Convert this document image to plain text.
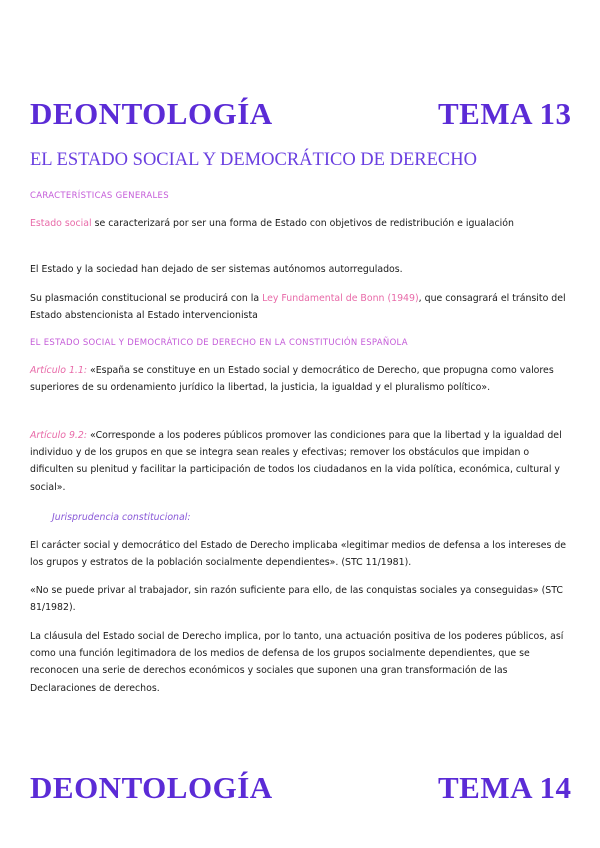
DEONTOLOGÍA	TEMA 13
EL ESTADO SOCIAL Y DEMOCRÁTICO DE DERECHO
CARACTERÍSTICAS GENERALES
Estado social se caracterizará por ser una forma de Estado con objetivos de redistribución e igualación
El Estado y la sociedad han dejado de ser sistemas autónomos autorregulados.
Su plasmación constitucional se producirá con la Ley Fundamental de Bonn (1949), que consagrará el tránsito del Estado abstencionista al Estado intervencionista
EL ESTADO SOCIAL Y DEMOCRÁTICO DE DERECHO EN LA CONSTITUCIÓN ESPAÑOLA
Artículo 1.1: «España se constituye en un Estado social y democrático de Derecho, que propugna como valores superiores de su ordenamiento jurídico la libertad, la justicia, la igualdad y el pluralismo político».
Artículo 9.2: «Corresponde a los poderes públicos promover las condiciones para que la libertad y la igualdad del individuo y de los grupos en que se integra sean reales y efectivas; remover los obstáculos que impidan o dificulten su plenitud y facilitar la participación de todos los ciudadanos en la vida política, económica, cultural y social».
Jurisprudencia constitucional:
El carácter social y democrático del Estado de Derecho implicaba «legitimar medios de defensa a los intereses de los grupos y estratos de la población socialmente dependientes». (STC 11/1981).
«No se puede privar al trabajador, sin razón suficiente para ello, de las conquistas sociales ya conseguidas» (STC 81/1982).
La cláusula del Estado social de Derecho implica, por lo tanto, una actuación positiva de los poderes públicos, así como una función legitimadora de los medios de defensa de los grupos socialmente dependientes, que se reconocen una serie de derechos económicos y sociales que suponen una gran transformación de las Declaraciones de derechos.
DEONTOLOGÍA	TEMA 14
